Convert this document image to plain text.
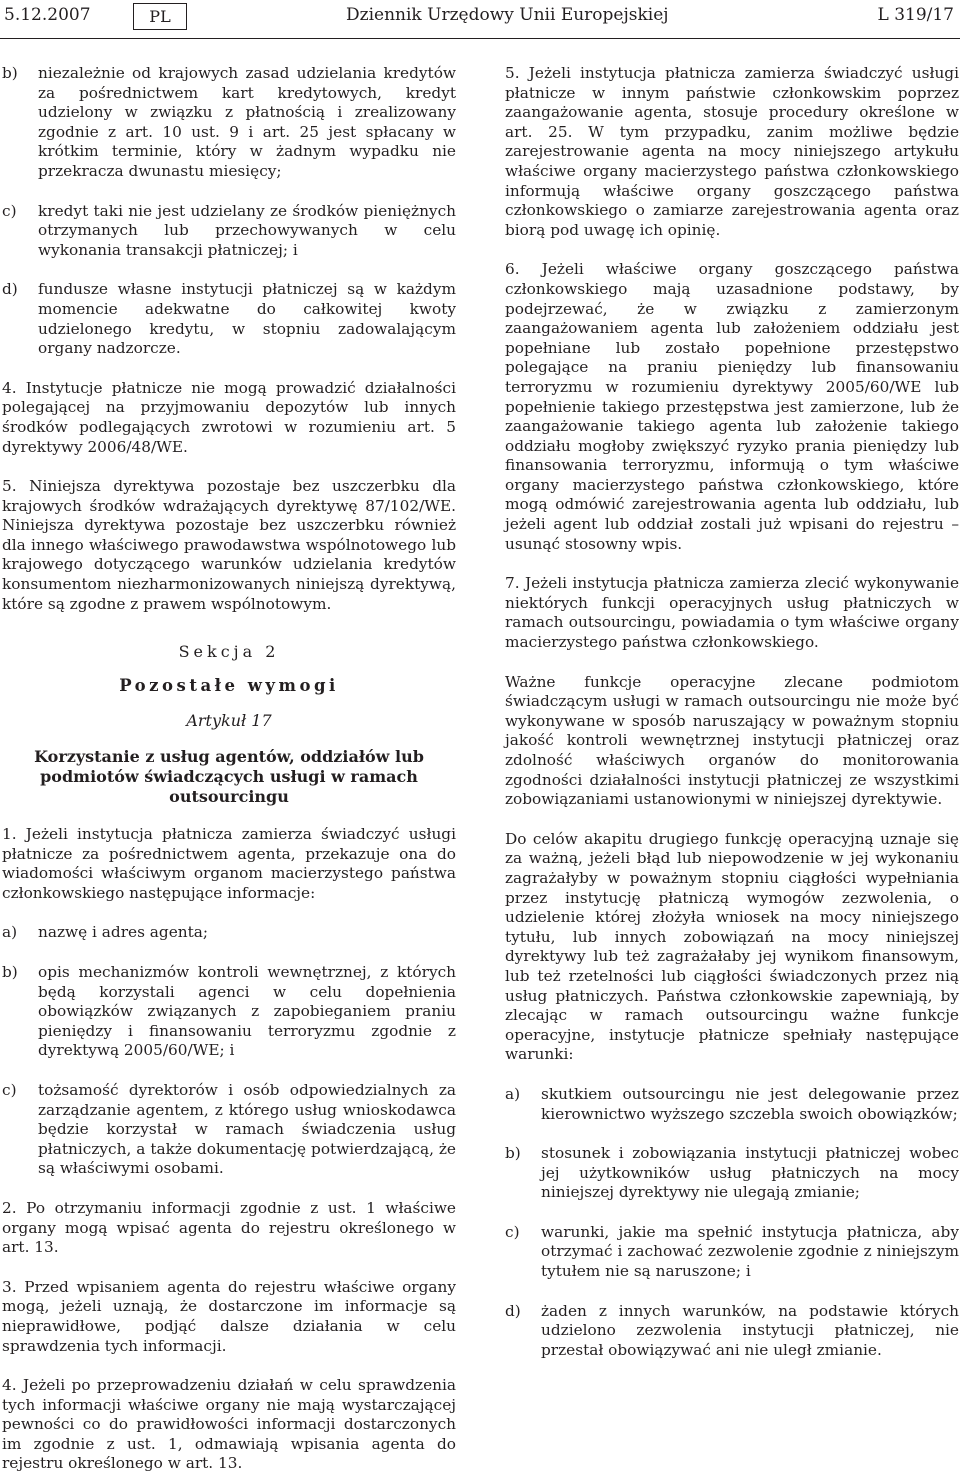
5.12.2007	PL	Dziennik Urzędowy Unii Europejskiej	L 319/17
b)	niezależnie od krajowych zasad udzielania kredytów za pośrednictwem kart kredytowych, kredyt udzielony w związku z płatnością i zrealizowany zgodnie z art. 10 ust. 9 i art. 25 jest spłacany w krótkim terminie, który w żadnym wypadku nie przekracza dwunastu miesięcy;
c)	kredyt taki nie jest udzielany ze środków pieniężnych otrzymanych lub przechowywanych w celu wykonania transakcji płatniczej; i
d)	fundusze własne instytucji płatniczej są w każdym momencie adekwatne do całkowitej kwoty udzielonego kredytu, w stopniu zadowalającym organy nadzorcze.

4. Instytucje płatnicze nie mogą prowadzić działalności polegającej na przyjmowaniu depozytów lub innych środków podlegających zwrotowi w rozumieniu art. 5 dyrektywy 2006/48/WE.

5. Niniejsza dyrektywa pozostaje bez uszczerbku dla krajowych środków wdrażających dyrektywę 87/102/WE. Niniejsza dyrektywa pozostaje bez uszczerbku również dla innego właściwego prawodawstwa wspólnotowego lub krajowego dotyczącego warunków udzielania kredytów konsumentom niezharmonizowanych niniejszą dyrektywą, które są zgodne z prawem wspólnotowym.

Sekcja 2
Pozostałe wymogi
Artykuł 17
Korzystanie z usług agentów, oddziałów lub podmiotów świadczących usługi w ramach outsourcingu

1. Jeżeli instytucja płatnicza zamierza świadczyć usługi płatnicze za pośrednictwem agenta, przekazuje ona do wiadomości właściwym organom macierzystego państwa członkowskiego następujące informacje:

a)	nazwę i adres agenta;
b)	opis mechanizmów kontroli wewnętrznej, z których będą korzystali agenci w celu dopełnienia obowiązków związanych z zapobieganiem praniu pieniędzy i finansowaniu terroryzmu zgodnie z dyrektywą 2005/60/WE; i
c)	tożsamość dyrektorów i osób odpowiedzialnych za zarządzanie agentem, z którego usług wnioskodawca będzie korzystał w ramach świadczenia usług płatniczych, a także dokumentację potwierdzającą, że są właściwymi osobami.

2. Po otrzymaniu informacji zgodnie z ust. 1 właściwe organy mogą wpisać agenta do rejestru określonego w art. 13.

3. Przed wpisaniem agenta do rejestru właściwe organy mogą, jeżeli uznają, że dostarczone im informacje są nieprawidłowe, podjąć dalsze działania w celu sprawdzenia tych informacji.

4. Jeżeli po przeprowadzeniu działań w celu sprawdzenia tych informacji właściwe organy nie mają wystarczającej pewności co do prawidłowości informacji dostarczonych im zgodnie z ust. 1, odmawiają wpisania agenta do rejestru określonego w art. 13.

5. Jeżeli instytucja płatnicza zamierza świadczyć usługi płatnicze w innym państwie członkowskim poprzez zaangażowanie agenta, stosuje procedury określone w art. 25. W tym przypadku, zanim możliwe będzie zarejestrowanie agenta na mocy niniejszego artykułu właściwe organy macierzystego państwa członkowskiego informują właściwe organy goszczącego państwa członkowskiego o zamiarze zarejestrowania agenta oraz biorą pod uwagę ich opinię.

6. Jeżeli właściwe organy goszczącego państwa członkowskiego mają uzasadnione podstawy, by podejrzewać, że w związku z zamierzonym zaangażowaniem agenta lub założeniem oddziału jest popełniane lub zostało popełnione przestępstwo polegające na praniu pieniędzy lub finansowaniu terroryzmu w rozumieniu dyrektywy 2005/60/WE lub popełnienie takiego przestępstwa jest zamierzone, lub że zaangażowanie takiego agenta lub założenie takiego oddziału mogłoby zwiększyć ryzyko prania pieniędzy lub finansowania terroryzmu, informują o tym właściwe organy macierzystego państwa członkowskiego, które mogą odmówić zarejestrowania agenta lub oddziału, lub jeżeli agent lub oddział zostali już wpisani do rejestru – usunąć stosowny wpis.

7. Jeżeli instytucja płatnicza zamierza zlecić wykonywanie niektórych funkcji operacyjnych usług płatniczych w ramach outsourcingu, powiadamia o tym właściwe organy macierzystego państwa członkowskiego.

Ważne funkcje operacyjne zlecane podmiotom świadczącym usługi w ramach outsourcingu nie może być wykonywane w sposób naruszający w poważnym stopniu jakość kontroli wewnętrznej instytucji płatniczej oraz zdolność właściwych organów do monitorowania zgodności działalności instytucji płatniczej ze wszystkimi zobowiązaniami ustanowionymi w niniejszej dyrektywie.

Do celów akapitu drugiego funkcję operacyjną uznaje się za ważną, jeżeli błąd lub niepowodzenie w jej wykonaniu zagrażałyby w poważnym stopniu ciągłości wypełniania przez instytucję płatniczą wymogów zezwolenia, o udzielenie której złożyła wniosek na mocy niniejszego tytułu, lub innych zobowiązań na mocy niniejszej dyrektywy lub też zagrażałaby jej wynikom finansowym, lub też rzetelności lub ciągłości świadczonych przez nią usług płatniczych. Państwa członkowskie zapewniają, by zlecając w ramach outsourcingu ważne funkcje operacyjne, instytucje płatnicze spełniały następujące warunki:

a)	skutkiem outsourcingu nie jest delegowanie przez kierownictwo wyższego szczebla swoich obowiązków;
b)	stosunek i zobowiązania instytucji płatniczej wobec jej użytkowników usług płatniczych na mocy niniejszej dyrektywy nie ulegają zmianie;
c)	warunki, jakie ma spełnić instytucja płatnicza, aby otrzymać i zachować zezwolenie zgodnie z niniejszym tytułem nie są naruszone; i
d)	żaden z innych warunków, na podstawie których udzielono zezwolenia instytucji płatniczej, nie przestał obowiązywać ani nie uległ zmianie.
